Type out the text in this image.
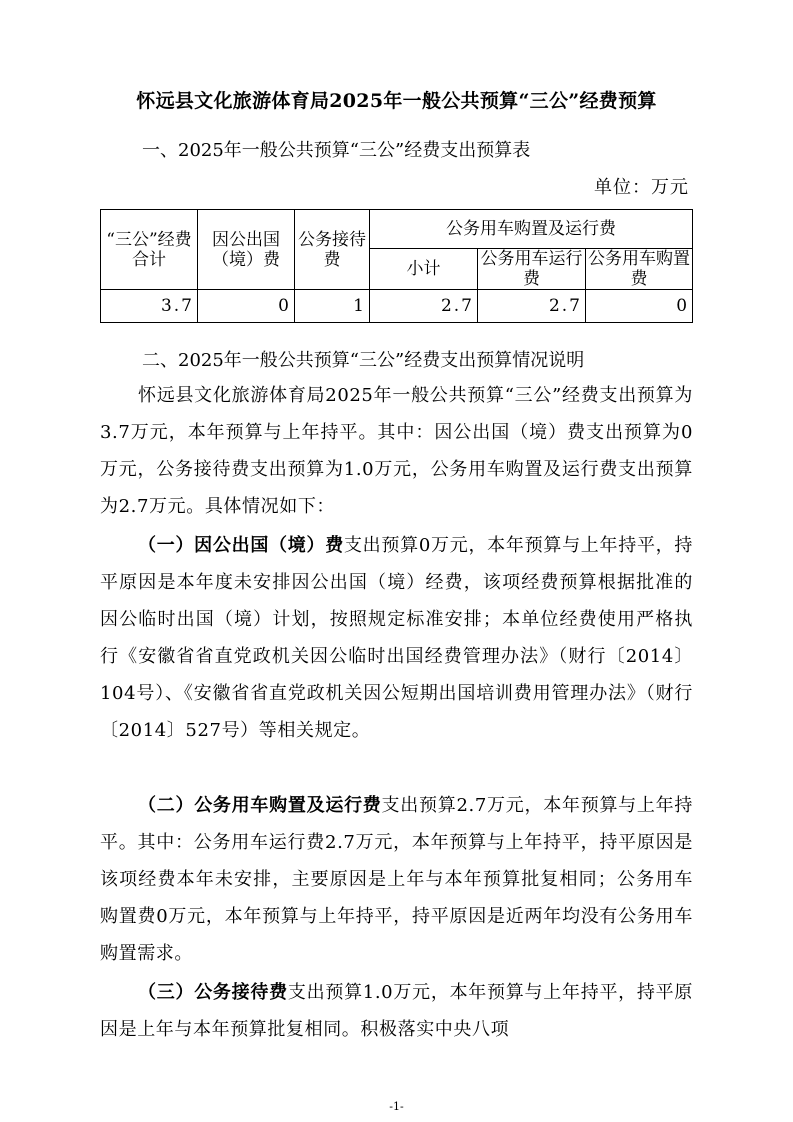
怀远县文化旅游体育局2025年一般公共预算“三公”经费预算

一、2025年一般公共预算“三公”经费支出预算表

单位：万元

“三公”经费合计	因公出国（境）费	公务接待费	公务用车购置及运行费		
			小计	公务用车运行费	公务用车购置费
3.7	0	1	2.7	2.7	0

二、2025年一般公共预算“三公”经费支出预算情况说明

怀远县文化旅游体育局2025年一般公共预算“三公”经费支出预算为3.7万元，本年预算与上年持平。其中：因公出国（境）费支出预算为0万元，公务接待费支出预算为1.0万元，公务用车购置及运行费支出预算为2.7万元。具体情况如下：

（一）因公出国（境）费支出预算0万元，本年预算与上年持平，持平原因是本年度未安排因公出国（境）经费，该项经费预算根据批准的因公临时出国（境）计划，按照规定标准安排；本单位经费使用严格执行《安徽省省直党政机关因公临时出国经费管理办法》（财行〔2014〕104号）、《安徽省省直党政机关因公短期出国培训费用管理办法》（财行〔2014〕527号）等相关规定。

（二）公务用车购置及运行费支出预算2.7万元，本年预算与上年持平。其中：公务用车运行费2.7万元，本年预算与上年持平，持平原因是该项经费本年未安排，主要原因是上年与本年预算批复相同；公务用车购置费0万元，本年预算与上年持平，持平原因是近两年均没有公务用车购置需求。

（三）公务接待费支出预算1.0万元，本年预算与上年持平，持平原因是上年与本年预算批复相同。积极落实中央八项

-1-
